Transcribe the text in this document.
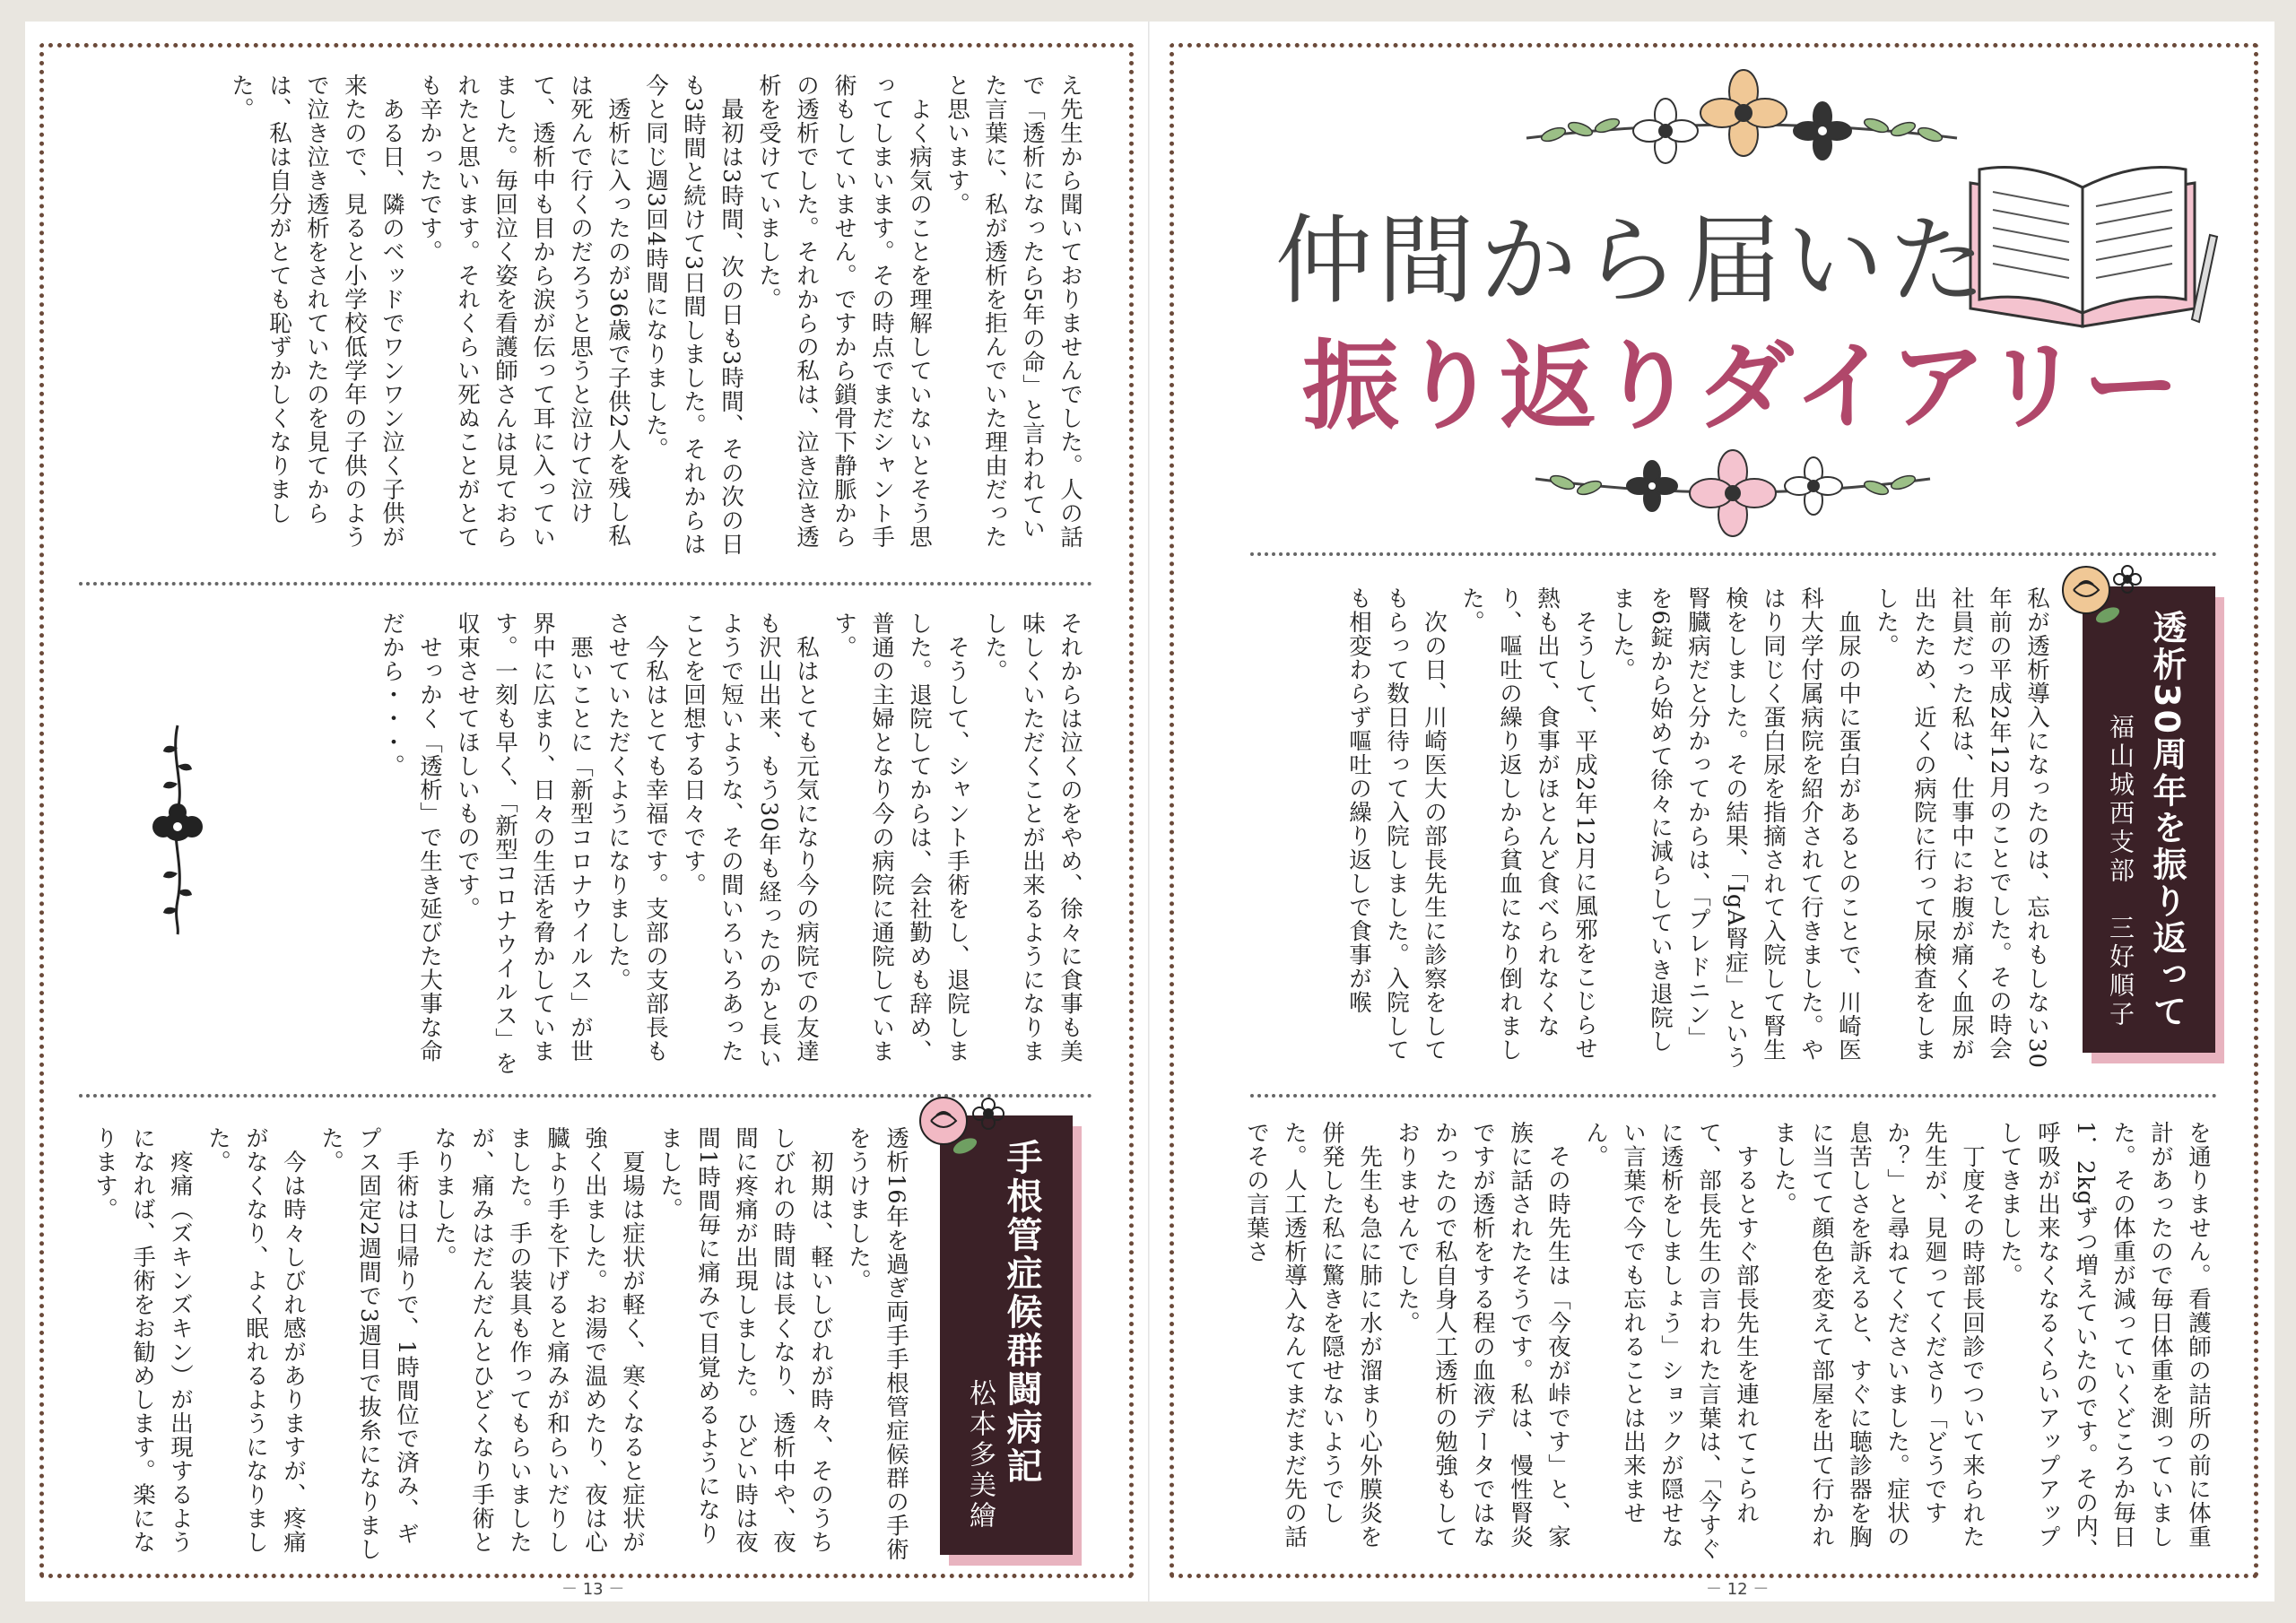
え先生から聞いておりませんでした。人の話で「透析になったら5年の命」と言われていた言葉に、私が透析を拒んでいた理由だったと思います。
　よく病気のことを理解していないとそう思ってしまいます。その時点でまだシャント手術もしていません。ですから鎖骨下静脈からの透析でした。それからの私は、泣き泣き透析を受けていました。
　最初は3時間、次の日も3時間、その次の日も3時間と続けて3日間しました。それからは今と同じ週3回4時間になりました。
　透析に入ったのが36歳で子供2人を残し私は死んで行くのだろうと思うと泣けて泣けて、透析中も目から涙が伝って耳に入っていました。毎回泣く姿を看護師さんは見ておられたと思います。それくらい死ぬことがとても辛かったです。
　ある日、隣のベッドでワンワン泣く子供が来たので、見ると小学校低学年の子供のようで泣き泣き透析をされていたのを見てからは、私は自分がとても恥ずかしくなりました。
それからは泣くのをやめ、徐々に食事も美味しくいただくことが出来るようになりました。
　そうして、シャント手術をし、退院しました。退院してからは、会社勤めも辞め、普通の主婦となり今の病院に通院しています。
　私はとても元気になり今の病院での友達も沢山出来、もう30年も経ったのかと長いようで短いような、その間いろいろあったことを回想する日々です。
　今私はとても幸福です。支部の支部長もさせていただくようになりました。
　悪いことに「新型コロナウイルス」が世界中に広まり、日々の生活を脅かしています。一刻も早く、「新型コロナウイルス」を収束させてほしいものです。
　せっかく「透析」で生き延びた大事な命だから・・・。
手根管症候群闘病記
松本多美繪
透析16年を過ぎ両手手根管症候群の手術をうけました。
　初期は、軽いしびれが時々、そのうちしびれの時間は長くなり、透析中や、夜間に疼痛が出現しました。ひどい時は夜間1時間毎に痛みで目覚めるようになりました。
　夏場は症状が軽く、寒くなると症状が強く出ました。お湯で温めたり、夜は心臓より手を下げると痛みが和らいだりしました。手の装具も作ってもらいましたが、痛みはだんだんとひどくなり手術となりました。
　手術は日帰りで、1時間位で済み、ギプス固定2週間で3週目で抜糸になりました。
　今は時々しびれ感がありますが、疼痛がなくなり、よく眠れるようになりました。
　疼痛（ズキンズキン）が出現するようになれば、手術をお勧めします。楽になります。
－ 13 －
仲間から届いた
振り返りダイアリー
透析30周年を振り返って
福山城西支部　三好順子
私が透析導入になったのは、忘れもしない30年前の平成2年12月のことでした。その時会社員だった私は、仕事中にお腹が痛く血尿が出たため、近くの病院に行って尿検査をしました。
　血尿の中に蛋白があるとのことで、川崎医科大学付属病院を紹介されて行きました。やはり同じく蛋白尿を指摘されて入院して腎生検をしました。その結果、「IgA腎症」という腎臓病だと分かってからは、「プレドニン」を6錠から始めて徐々に減らしていき退院しました。
　そうして、平成2年12月に風邪をこじらせ熱も出て、食事がほとんど食べられなくなり、嘔吐の繰り返しから貧血になり倒れました。
　次の日、川崎医大の部長先生に診察をしてもらって数日待って入院しました。入院しても相変わらず嘔吐の繰り返しで食事が喉
を通りません。看護師の詰所の前に体重計があったので毎日体重を測っていました。その体重が減っていくどころか毎日1．2kgずつ増えていたのです。その内、呼吸が出来なくなるくらいアップアップしてきました。
　丁度その時部長回診でついて来られた先生が、見廻ってくださり「どうですか？」と尋ねてくださいました。症状の息苦しさを訴えると、すぐに聴診器を胸に当てて顔色を変えて部屋を出て行かれました。
　するとすぐ部長先生を連れてこられて、部長先生の言われた言葉は、「今すぐに透析をしましょう」ショックが隠せない言葉で今でも忘れることは出来ません。
　その時先生は「今夜が峠です」と、家族に話されたそうです。私は、慢性腎炎ですが透析をする程の血液データではなかったので私自身人工透析の勉強もしておりませんでした。
　先生も急に肺に水が溜まり心外膜炎を併発した私に驚きを隠せないようでした。人工透析導入なんてまだまだ先の話でその言葉さ
－ 12 －
